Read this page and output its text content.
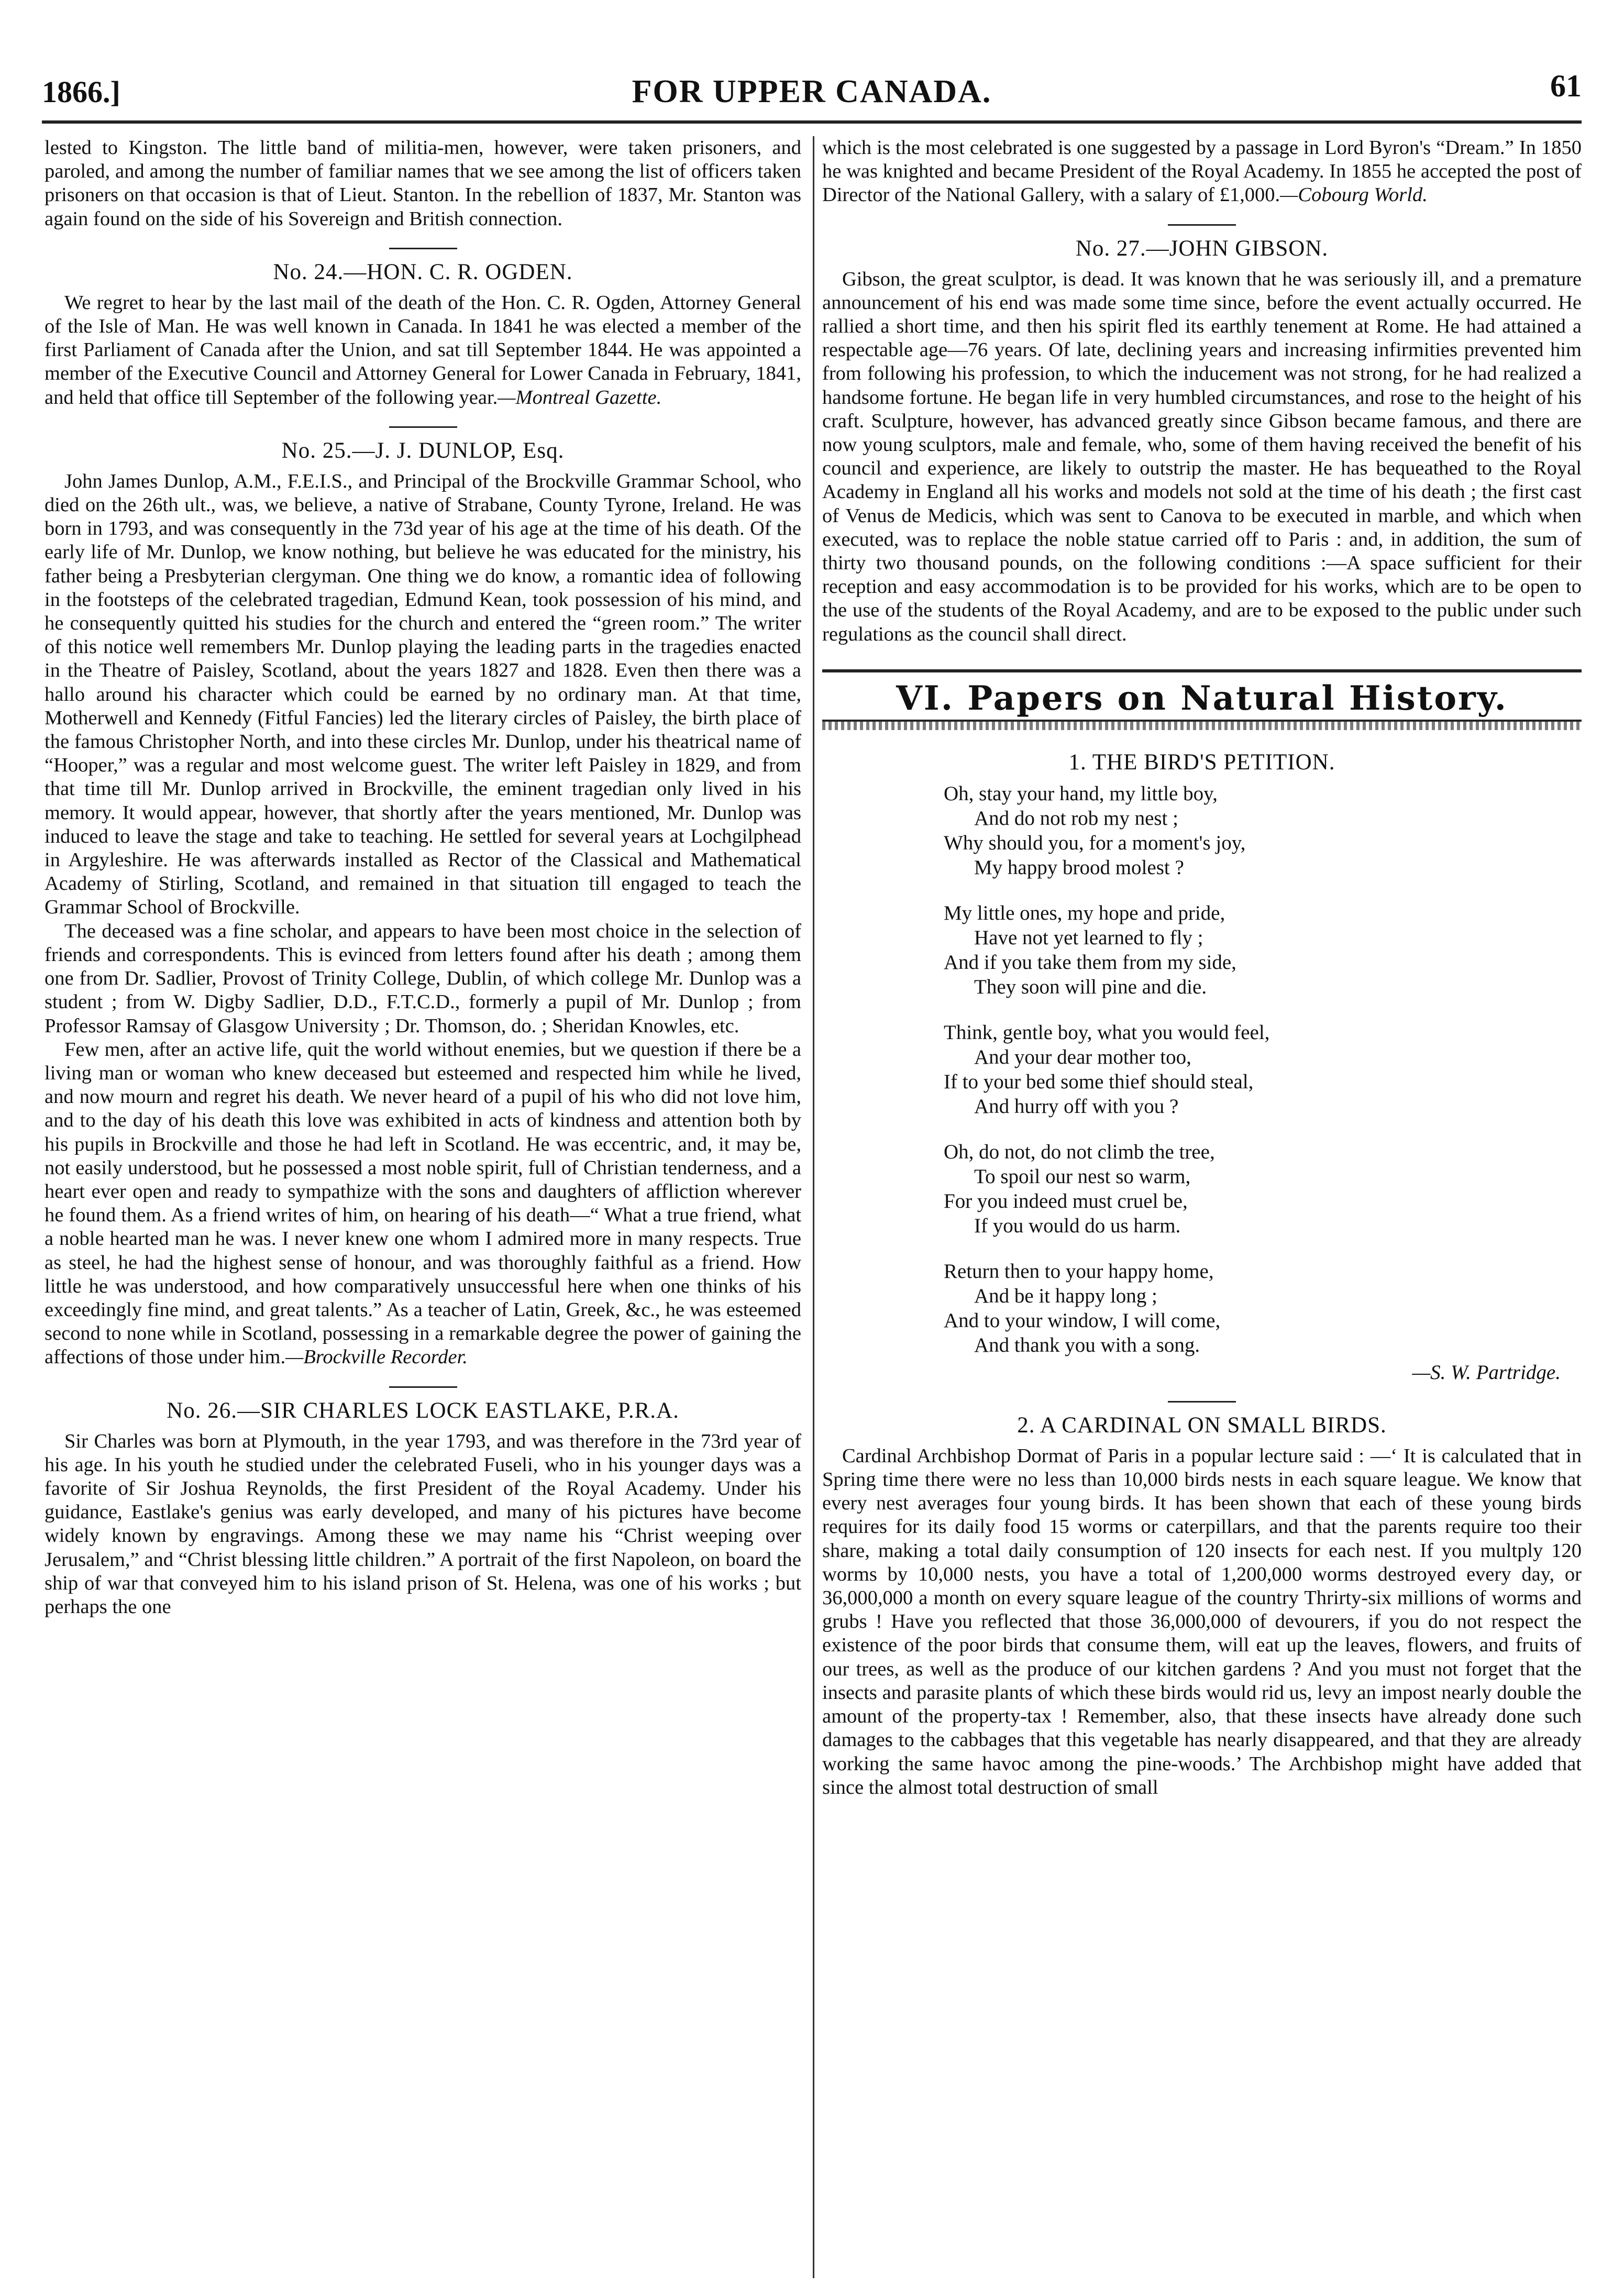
1866.]	FOR UPPER CANADA.	61

lested to Kingston. The little band of militia-men, however, were taken prisoners, and paroled, and among the number of familiar names that we see among the list of officers taken prisoners on that occasion is that of Lieut. Stanton. In the rebellion of 1837, Mr. Stanton was again found on the side of his Sovereign and British connection.

No. 24.—HON. C. R. OGDEN.

We regret to hear by the last mail of the death of the Hon. C. R. Ogden, Attorney General of the Isle of Man. He was well known in Canada. In 1841 he was elected a member of the first Parliament of Canada after the Union, and sat till September 1844. He was appointed a member of the Executive Council and Attorney General for Lower Canada in February, 1841, and held that office till September of the following year.—Montreal Gazette.

No. 25.—J. J. DUNLOP, Esq.

John James Dunlop, A.M., F.E.I.S., and Principal of the Brockville Grammar School, who died on the 26th ult., was, we believe, a native of Strabane, County Tyrone, Ireland. He was born in 1793, and was consequently in the 73d year of his age at the time of his death. Of the early life of Mr. Dunlop, we know nothing, but believe he was educated for the ministry, his father being a Presbyterian clergyman. One thing we do know, a romantic idea of following in the footsteps of the celebrated tragedian, Edmund Kean, took possession of his mind, and he consequently quitted his studies for the church and entered the “green room.” The writer of this notice well remembers Mr. Dunlop playing the leading parts in the tragedies enacted in the Theatre of Paisley, Scotland, about the years 1827 and 1828. Even then there was a hallo around his character which could be earned by no ordinary man. At that time, Motherwell and Kennedy (Fitful Fancies) led the literary circles of Paisley, the birth place of the famous Christopher North, and into these circles Mr. Dunlop, under his theatrical name of “Hooper,” was a regular and most welcome guest. The writer left Paisley in 1829, and from that time till Mr. Dunlop arrived in Brockville, the eminent tragedian only lived in his memory. It would appear, however, that shortly after the years mentioned, Mr. Dunlop was induced to leave the stage and take to teaching. He settled for several years at Lochgilphead in Argyleshire. He was afterwards installed as Rector of the Classical and Mathematical Academy of Stirling, Scotland, and remained in that situation till engaged to teach the Grammar School of Brockville.

The deceased was a fine scholar, and appears to have been most choice in the selection of friends and correspondents. This is evinced from letters found after his death ; among them one from Dr. Sadlier, Provost of Trinity College, Dublin, of which college Mr. Dunlop was a student ; from W. Digby Sadlier, D.D., F.T.C.D., formerly a pupil of Mr. Dunlop ; from Professor Ramsay of Glasgow University ; Dr. Thomson, do. ; Sheridan Knowles, etc.

Few men, after an active life, quit the world without enemies, but we question if there be a living man or woman who knew deceased but esteemed and respected him while he lived, and now mourn and regret his death. We never heard of a pupil of his who did not love him, and to the day of his death this love was exhibited in acts of kindness and attention both by his pupils in Brockville and those he had left in Scotland. He was eccentric, and, it may be, not easily understood, but he possessed a most noble spirit, full of Christian tenderness, and a heart ever open and ready to sympathize with the sons and daughters of affliction wherever he found them. As a friend writes of him, on hearing of his death—“ What a true friend, what a noble hearted man he was. I never knew one whom I admired more in many respects. True as steel, he had the highest sense of honour, and was thoroughly faithful as a friend. How little he was understood, and how comparatively unsuccessful here when one thinks of his exceedingly fine mind, and great talents.” As a teacher of Latin, Greek, &c., he was esteemed second to none while in Scotland, possessing in a remarkable degree the power of gaining the affections of those under him.—Brockville Recorder.

No. 26.—SIR CHARLES LOCK EASTLAKE, P.R.A.

Sir Charles was born at Plymouth, in the year 1793, and was therefore in the 73rd year of his age. In his youth he studied under the celebrated Fuseli, who in his younger days was a favorite of Sir Joshua Reynolds, the first President of the Royal Academy. Under his guidance, Eastlake's genius was early developed, and many of his pictures have become widely known by engravings. Among these we may name his “Christ weeping over Jerusalem,” and “Christ blessing little children.” A portrait of the first Napoleon, on board the ship of war that conveyed him to his island prison of St. Helena, was one of his works ; but perhaps the one

which is the most celebrated is one suggested by a passage in Lord Byron's “Dream.” In 1850 he was knighted and became President of the Royal Academy. In 1855 he accepted the post of Director of the National Gallery, with a salary of £1,000.—Cobourg World.

No. 27.—JOHN GIBSON.

Gibson, the great sculptor, is dead. It was known that he was seriously ill, and a premature announcement of his end was made some time since, before the event actually occurred. He rallied a short time, and then his spirit fled its earthly tenement at Rome. He had attained a respectable age—76 years. Of late, declining years and increasing infirmities prevented him from following his profession, to which the inducement was not strong, for he had realized a handsome fortune. He began life in very humbled circumstances, and rose to the height of his craft. Sculpture, however, has advanced greatly since Gibson became famous, and there are now young sculptors, male and female, who, some of them having received the benefit of his council and experience, are likely to outstrip the master. He has bequeathed to the Royal Academy in England all his works and models not sold at the time of his death ; the first cast of Venus de Medicis, which was sent to Canova to be executed in marble, and which when executed, was to replace the noble statue carried off to Paris : and, in addition, the sum of thirty two thousand pounds, on the following conditions :—A space sufficient for their reception and easy accommodation is to be provided for his works, which are to be open to the use of the students of the Royal Academy, and are to be exposed to the public under such regulations as the council shall direct.

VI. Papers on Natural History.
1. THE BIRD'S PETITION.
Oh, stay your hand, my little boy,
And do not rob my nest ;
Why should you, for a moment's joy,
My happy brood molest ?
My little ones, my hope and pride,
Have not yet learned to fly ;
And if you take them from my side,
They soon will pine and die.
Think, gentle boy, what you would feel,
And your dear mother too,
If to your bed some thief should steal,
And hurry off with you ?
Oh, do not, do not climb the tree,
To spoil our nest so warm,
For you indeed must cruel be,
If you would do us harm.
Return then to your happy home,
And be it happy long ;
And to your window, I will come,
And thank you with a song.
—S. W. Partridge.
2. A CARDINAL ON SMALL BIRDS.

Cardinal Archbishop Dormat of Paris in a popular lecture said : —‘ It is calculated that in Spring time there were no less than 10,000 birds nests in each square league. We know that every nest averages four young birds. It has been shown that each of these young birds requires for its daily food 15 worms or caterpillars, and that the parents require too their share, making a total daily consumption of 120 insects for each nest. If you multply 120 worms by 10,000 nests, you have a total of 1,200,000 worms destroyed every day, or 36,000,000 a month on every square league of the country Thrirty-six millions of worms and grubs ! Have you reflected that those 36,000,000 of devourers, if you do not respect the existence of the poor birds that consume them, will eat up the leaves, flowers, and fruits of our trees, as well as the produce of our kitchen gardens ? And you must not forget that the insects and parasite plants of which these birds would rid us, levy an impost nearly double the amount of the property-tax ! Remember, also, that these insects have already done such damages to the cabbages that this vegetable has nearly disappeared, and that they are already working the same havoc among the pine-woods.’ The Archbishop might have added that since the almost total destruction of small
